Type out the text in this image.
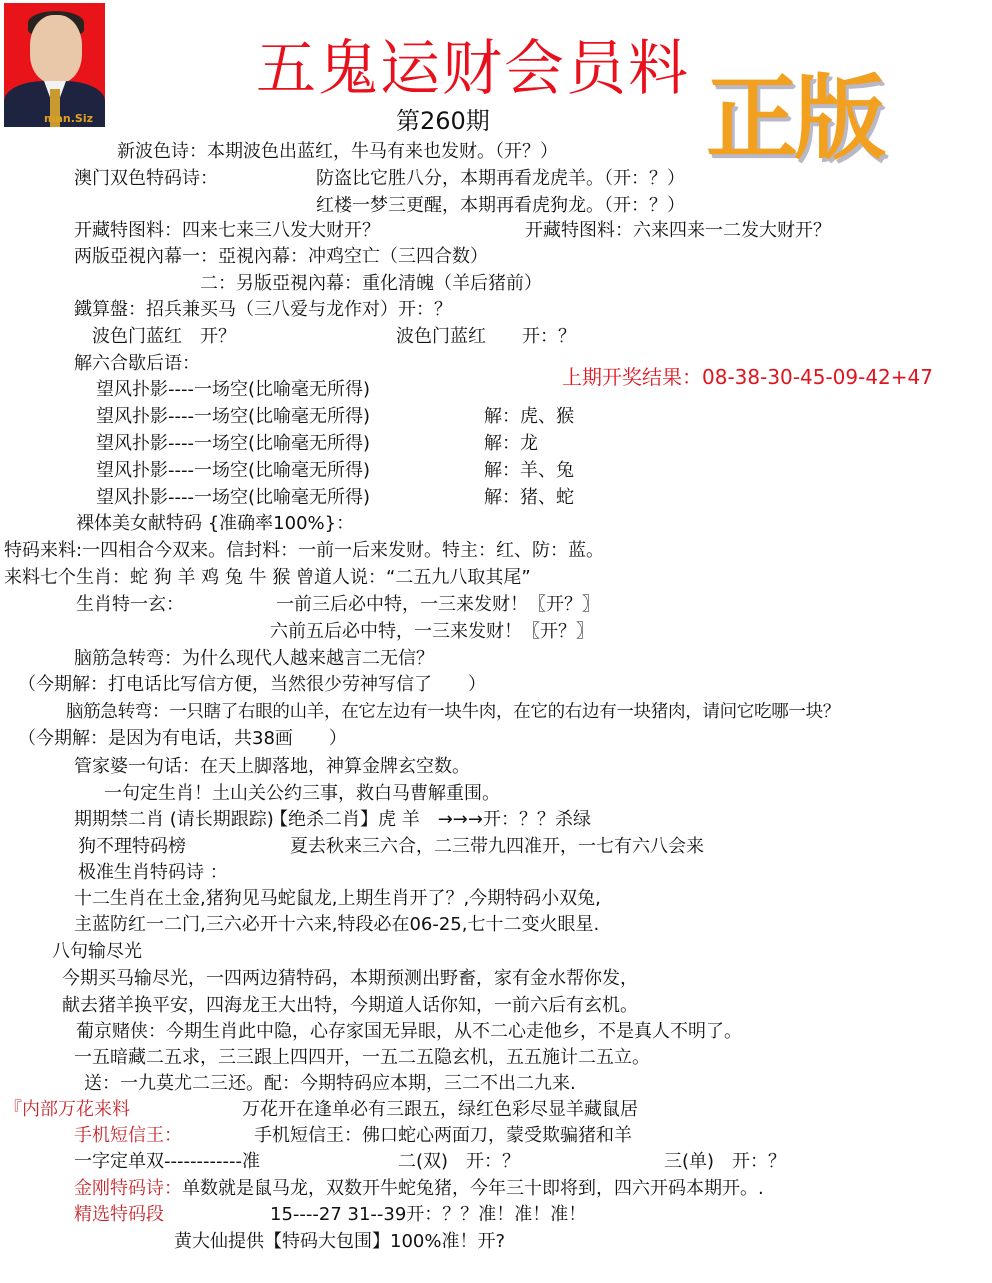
man.Siz
五鬼运财会员料
第260期 正版
新波色诗：本期波色出蓝红，牛马有来也发财。（开？）
澳门双色特码诗：	防盗比它胜八分，本期再看龙虎羊。（开：？）
红楼一梦三更醒，本期再看虎狗龙。（开：？）
开藏特图料：四来七来三八发大财开？	开藏特图料：六来四来一二发大财开？
两版亞視內幕一：亞視內幕：冲鸡空亡（三四合数）
二：另版亞視內幕：重化清魄（羊后猪前）
鐵算盤：招兵兼买马（三八爱与龙作对）开：？
波色门蓝红　开？	波色门蓝红　　开：？
解六合歇后语：
上期开奖结果：08-38-30-45-09-42+47
望风扑影----一场空(比喻毫无所得)
望风扑影----一场空(比喻毫无所得)	解：虎、猴
望风扑影----一场空(比喻毫无所得)	解：龙
望风扑影----一场空(比喻毫无所得)	解：羊、兔
望风扑影----一场空(比喻毫无所得)	解：猪、蛇
裸体美女献特码 {准确率100%}：
特码来料:一四相合今双来。信封料：一前一后来发财。特主：红、防：蓝。
来料七个生肖：蛇 狗 羊 鸡 兔 牛 猴 曾道人说：“二五九八取其尾”
生肖特一玄：	一前三后必中特，一三来发财！〖开？〗
六前五后必中特，一三来发财！〖开？〗
脑筋急转弯：为什么现代人越来越言二无信？
（今期解：打电话比写信方便，当然很少劳神写信了　　）
脑筋急转弯：一只瞎了右眼的山羊，在它左边有一块牛肉，在它的右边有一块猪肉，请问它吃哪一块？
（今期解：是因为有电话，共38画　　）
管家婆一句话：在天上脚落地，神算金牌玄空数。
一句定生肖！土山关公约三事，救白马曹解重围。
期期禁二肖 (请长期跟踪)
【绝杀二肖】虎 羊　→→→开：？？杀绿
狗不理特码榜	夏去秋来三六合，二三带九四准开，一七有六八会来
极准生肖特码诗 ：
十二生肖在土金,猪狗见马蛇鼠龙,上期生肖开了？,今期特码小双兔,
主蓝防红一二门,三六必开十六来,特段必在06-25,七十二变火眼星.
八句输尽光
今期买马输尽光，一四两边猜特码，本期预测出野畜，家有金水帮你发，
献去猪羊换平安，四海龙王大出特，今期道人话你知，一前六后有玄机。
葡京赌侠：今期生肖此中隐，心存家国无异眼，从不二心走他乡，不是真人不明了。
一五暗藏二五求，三三跟上四四开，一五二五隐玄机，五五施计二五立。
送：一九莫尤二三还。配：今期特码应本期，三二不出二九来.
『内部万花来料	万花开在逢单必有三跟五，绿红色彩尽显羊藏鼠居
手机短信王：	手机短信王：佛口蛇心两面刀，蒙受欺骗猪和羊
一字定单双------------准	二(双)　开：？	三(单)　开：？
金刚特码诗：单数就是鼠马龙，双数开牛蛇兔猪，今年三十即将到，四六开码本期开。.
精选特码段	15----27 31--39开：？？准！准！准！
黄大仙提供【特码大包围】100%准！开?
